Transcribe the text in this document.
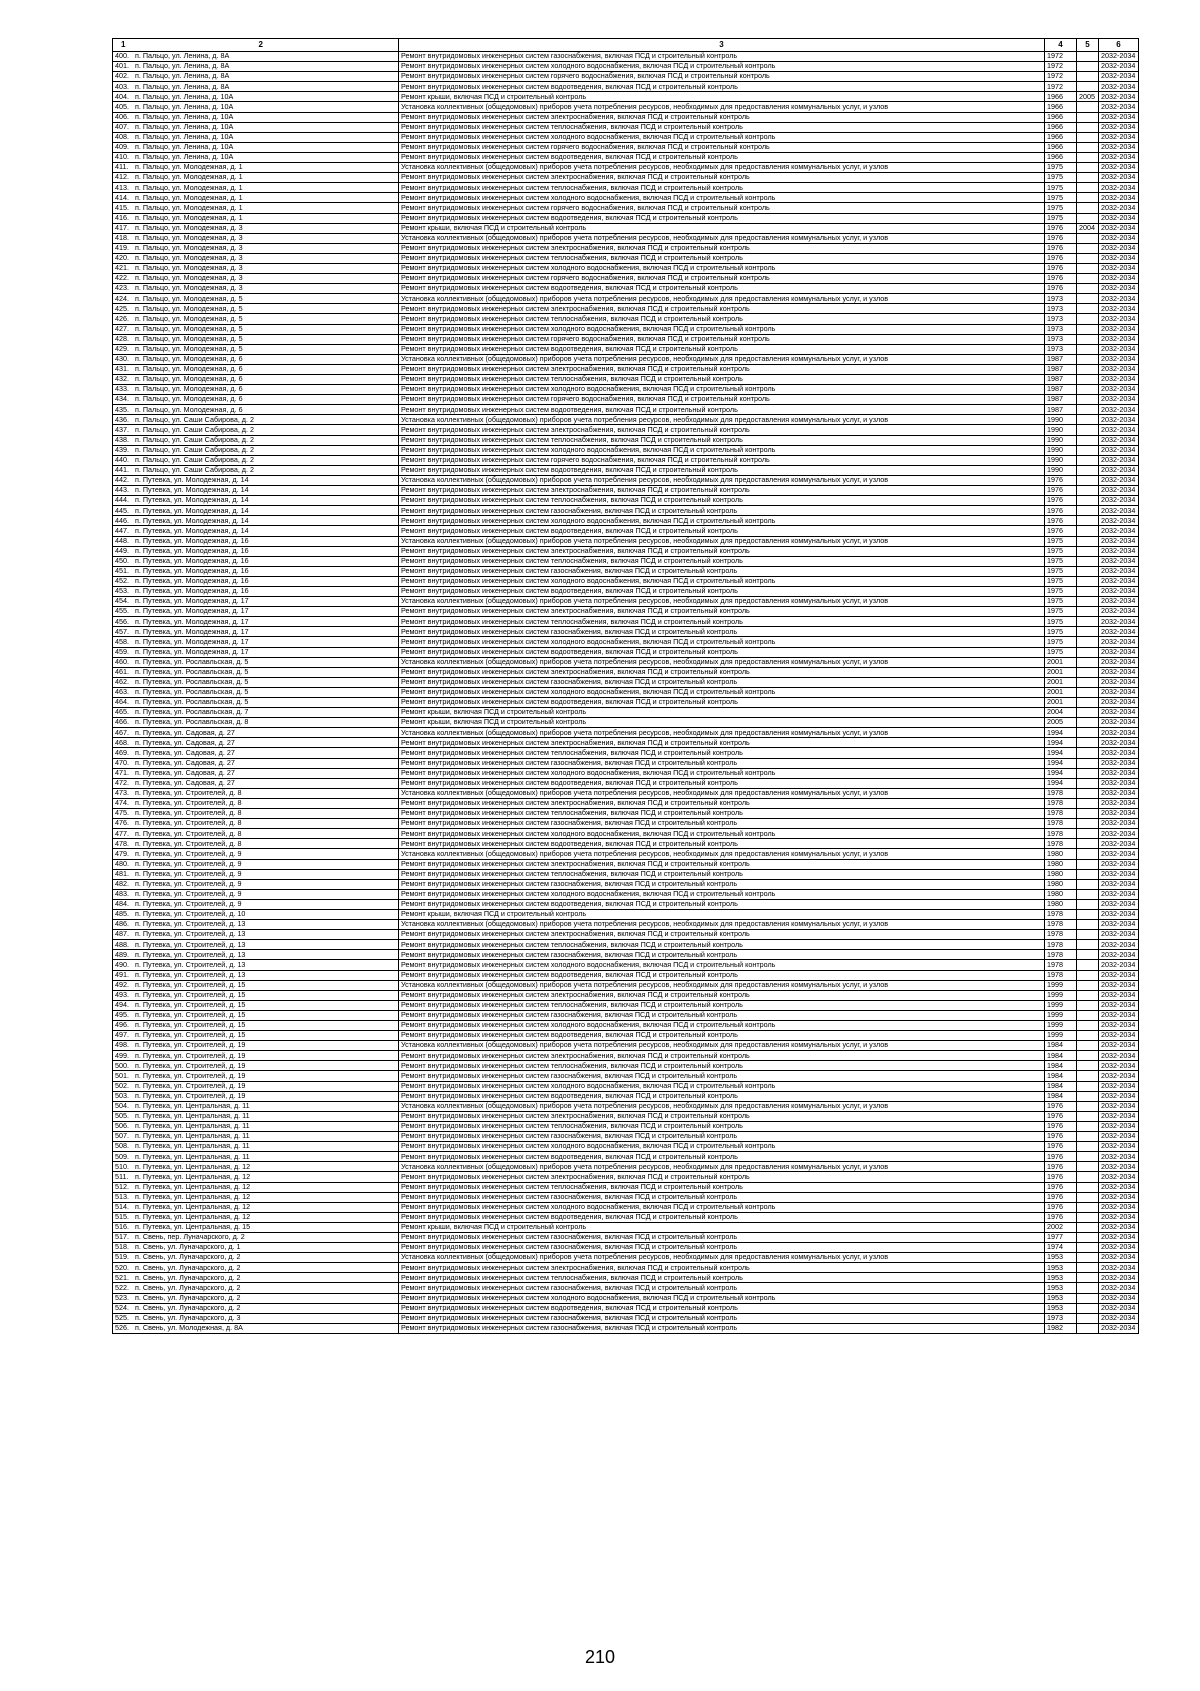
1 2	3	4	5	6	
400. п. Пальцо, ул. Ленина, д. 8А	Ремонт внутридомовых инженерных систем газоснабжения, включая ПСД и строительный контроль	1972		2032-2034	
401. п. Пальцо, ул. Ленина, д. 8А	Ремонт внутридомовых инженерных систем холодного водоснабжения, включая ПСД и строительный контроль	1972		2032-2034	
402. п. Пальцо, ул. Ленина, д. 8А	Ремонт внутридомовых инженерных систем горячего водоснабжения, включая ПСД и строительный контроль	1972		2032-2034	
403. п. Пальцо, ул. Ленина, д. 8А	Ремонт внутридомовых инженерных систем водоотведения, включая ПСД и строительный контроль	1972		2032-2034	
404. п. Пальцо, ул. Ленина, д. 10А	Ремонт крыши, включая ПСД и строительный контроль	1966	2005	2032-2034	
405. п. Пальцо, ул. Ленина, д. 10А	Установка коллективных (общедомовых) приборов учета потребления ресурсов, необходимых для предоставления коммунальных услуг, и узлов	1966		2032-2034	
406. п. Пальцо, ул. Ленина, д. 10А	Ремонт внутридомовых инженерных систем электроснабжения, включая ПСД и строительный контроль	1966		2032-2034	
407. п. Пальцо, ул. Ленина, д. 10А	Ремонт внутридомовых инженерных систем теплоснабжения, включая ПСД и строительный контроль	1966		2032-2034	
408. п. Пальцо, ул. Ленина, д. 10А	Ремонт внутридомовых инженерных систем холодного водоснабжения, включая ПСД и строительный контроль	1966		2032-2034	
409. п. Пальцо, ул. Ленина, д. 10А	Ремонт внутридомовых инженерных систем горячего водоснабжения, включая ПСД и строительный контроль	1966		2032-2034	
410. п. Пальцо, ул. Ленина, д. 10А	Ремонт внутридомовых инженерных систем водоотведения, включая ПСД и строительный контроль	1966		2032-2034	
411. п. Пальцо, ул. Молодежная, д. 1	Установка коллективных (общедомовых) приборов учета потребления ресурсов, необходимых для предоставления коммунальных услуг, и узлов	1975		2032-2034	
412. п. Пальцо, ул. Молодежная, д. 1	Ремонт внутридомовых инженерных систем электроснабжения, включая ПСД и строительный контроль	1975		2032-2034	
413. п. Пальцо, ул. Молодежная, д. 1	Ремонт внутридомовых инженерных систем теплоснабжения, включая ПСД и строительный контроль	1975		2032-2034	
414. п. Пальцо, ул. Молодежная, д. 1	Ремонт внутридомовых инженерных систем холодного водоснабжения, включая ПСД и строительный контроль	1975		2032-2034	
415. п. Пальцо, ул. Молодежная, д. 1	Ремонт внутридомовых инженерных систем горячего водоснабжения, включая ПСД и строительный контроль	1975		2032-2034	
416. п. Пальцо, ул. Молодежная, д. 1	Ремонт внутридомовых инженерных систем водоотведения, включая ПСД и строительный контроль	1975		2032-2034	
417. п. Пальцо, ул. Молодежная, д. 3	Ремонт крыши, включая ПСД и строительный контроль	1976	2004	2032-2034	
418. п. Пальцо, ул. Молодежная, д. 3	Установка коллективных (общедомовых) приборов учета потребления ресурсов, необходимых для предоставления коммунальных услуг, и узлов	1976		2032-2034	
419. п. Пальцо, ул. Молодежная, д. 3	Ремонт внутридомовых инженерных систем электроснабжения, включая ПСД и строительный контроль	1976		2032-2034	
420. п. Пальцо, ул. Молодежная, д. 3	Ремонт внутридомовых инженерных систем теплоснабжения, включая ПСД и строительный контроль	1976		2032-2034	
421. п. Пальцо, ул. Молодежная, д. 3	Ремонт внутридомовых инженерных систем холодного водоснабжения, включая ПСД и строительный контроль	1976		2032-2034	
422. п. Пальцо, ул. Молодежная, д. 3	Ремонт внутридомовых инженерных систем горячего водоснабжения, включая ПСД и строительный контроль	1976		2032-2034	
423. п. Пальцо, ул. Молодежная, д. 3	Ремонт внутридомовых инженерных систем водоотведения, включая ПСД и строительный контроль	1976		2032-2034	
424. п. Пальцо, ул. Молодежная, д. 5	Установка коллективных (общедомовых) приборов учета потребления ресурсов, необходимых для предоставления коммунальных услуг, и узлов	1973		2032-2034	
425. п. Пальцо, ул. Молодежная, д. 5	Ремонт внутридомовых инженерных систем электроснабжения, включая ПСД и строительный контроль	1973		2032-2034	
426. п. Пальцо, ул. Молодежная, д. 5	Ремонт внутридомовых инженерных систем теплоснабжения, включая ПСД и строительный контроль	1973		2032-2034	
427. п. Пальцо, ул. Молодежная, д. 5	Ремонт внутридомовых инженерных систем холодного водоснабжения, включая ПСД и строительный контроль	1973		2032-2034	
428. п. Пальцо, ул. Молодежная, д. 5	Ремонт внутридомовых инженерных систем горячего водоснабжения, включая ПСД и строительный контроль	1973		2032-2034	
429. п. Пальцо, ул. Молодежная, д. 5	Ремонт внутридомовых инженерных систем водоотведения, включая ПСД и строительный контроль	1973		2032-2034	
430. п. Пальцо, ул. Молодежная, д. 6	Установка коллективных (общедомовых) приборов учета потребления ресурсов, необходимых для предоставления коммунальных услуг, и узлов	1987		2032-2034	
431. п. Пальцо, ул. Молодежная, д. 6	Ремонт внутридомовых инженерных систем электроснабжения, включая ПСД и строительный контроль	1987		2032-2034	
432. п. Пальцо, ул. Молодежная, д. 6	Ремонт внутридомовых инженерных систем теплоснабжения, включая ПСД и строительный контроль	1987		2032-2034	
433. п. Пальцо, ул. Молодежная, д. 6	Ремонт внутридомовых инженерных систем холодного водоснабжения, включая ПСД и строительный контроль	1987		2032-2034	
434. п. Пальцо, ул. Молодежная, д. 6	Ремонт внутридомовых инженерных систем горячего водоснабжения, включая ПСД и строительный контроль	1987		2032-2034	
435. п. Пальцо, ул. Молодежная, д. 6	Ремонт внутридомовых инженерных систем водоотведения, включая ПСД и строительный контроль	1987		2032-2034	
436. п. Пальцо, ул. Саши Сабирова, д. 2	Установка коллективных (общедомовых) приборов учета потребления ресурсов, необходимых для предоставления коммунальных услуг, и узлов	1990		2032-2034	
437. п. Пальцо, ул. Саши Сабирова, д. 2	Ремонт внутридомовых инженерных систем электроснабжения, включая ПСД и строительный контроль	1990		2032-2034	
438. п. Пальцо, ул. Саши Сабирова, д. 2	Ремонт внутридомовых инженерных систем теплоснабжения, включая ПСД и строительный контроль	1990		2032-2034	
439. п. Пальцо, ул. Саши Сабирова, д. 2	Ремонт внутридомовых инженерных систем холодного водоснабжения, включая ПСД и строительный контроль	1990		2032-2034	
440. п. Пальцо, ул. Саши Сабирова, д. 2	Ремонт внутридомовых инженерных систем горячего водоснабжения, включая ПСД и строительный контроль	1990		2032-2034	
441. п. Пальцо, ул. Саши Сабирова, д. 2	Ремонт внутридомовых инженерных систем водоотведения, включая ПСД и строительный контроль	1990		2032-2034	
442. п. Путевка, ул. Молодежная, д. 14	Установка коллективных (общедомовых) приборов учета потребления ресурсов, необходимых для предоставления коммунальных услуг, и узлов	1976		2032-2034	
443. п. Путевка, ул. Молодежная, д. 14	Ремонт внутридомовых инженерных систем электроснабжения, включая ПСД и строительный контроль	1976		2032-2034	
444. п. Путевка, ул. Молодежная, д. 14	Ремонт внутридомовых инженерных систем теплоснабжения, включая ПСД и строительный контроль	1976		2032-2034	
445. п. Путевка, ул. Молодежная, д. 14	Ремонт внутридомовых инженерных систем газоснабжения, включая ПСД и строительный контроль	1976		2032-2034	
446. п. Путевка, ул. Молодежная, д. 14	Ремонт внутридомовых инженерных систем холодного водоснабжения, включая ПСД и строительный контроль	1976		2032-2034	
447. п. Путевка, ул. Молодежная, д. 14	Ремонт внутридомовых инженерных систем водоотведения, включая ПСД и строительный контроль	1976		2032-2034	
448. п. Путевка, ул. Молодежная, д. 16	Установка коллективных (общедомовых) приборов учета потребления ресурсов, необходимых для предоставления коммунальных услуг, и узлов	1975		2032-2034	
449. п. Путевка, ул. Молодежная, д. 16	Ремонт внутридомовых инженерных систем электроснабжения, включая ПСД и строительный контроль	1975		2032-2034	
450. п. Путевка, ул. Молодежная, д. 16	Ремонт внутридомовых инженерных систем теплоснабжения, включая ПСД и строительный контроль	1975		2032-2034	
451. п. Путевка, ул. Молодежная, д. 16	Ремонт внутридомовых инженерных систем газоснабжения, включая ПСД и строительный контроль	1975		2032-2034	
452. п. Путевка, ул. Молодежная, д. 16	Ремонт внутридомовых инженерных систем холодного водоснабжения, включая ПСД и строительный контроль	1975		2032-2034	
453. п. Путевка, ул. Молодежная, д. 16	Ремонт внутридомовых инженерных систем водоотведения, включая ПСД и строительный контроль	1975		2032-2034	
454. п. Путевка, ул. Молодежная, д. 17	Установка коллективных (общедомовых) приборов учета потребления ресурсов, необходимых для предоставления коммунальных услуг, и узлов	1975		2032-2034	
455. п. Путевка, ул. Молодежная, д. 17	Ремонт внутридомовых инженерных систем электроснабжения, включая ПСД и строительный контроль	1975		2032-2034	
456. п. Путевка, ул. Молодежная, д. 17	Ремонт внутридомовых инженерных систем теплоснабжения, включая ПСД и строительный контроль	1975		2032-2034	
457. п. Путевка, ул. Молодежная, д. 17	Ремонт внутридомовых инженерных систем газоснабжения, включая ПСД и строительный контроль	1975		2032-2034	
458. п. Путевка, ул. Молодежная, д. 17	Ремонт внутридомовых инженерных систем холодного водоснабжения, включая ПСД и строительный контроль	1975		2032-2034	
459. п. Путевка, ул. Молодежная, д. 17	Ремонт внутридомовых инженерных систем водоотведения, включая ПСД и строительный контроль	1975		2032-2034	
460. п. Путевка, ул. Рославльская, д. 5	Установка коллективных (общедомовых) приборов учета потребления ресурсов, необходимых для предоставления коммунальных услуг, и узлов	2001		2032-2034	
461. п. Путевка, ул. Рославльская, д. 5	Ремонт внутридомовых инженерных систем электроснабжения, включая ПСД и строительный контроль	2001		2032-2034	
462. п. Путевка, ул. Рославльская, д. 5	Ремонт внутридомовых инженерных систем газоснабжения, включая ПСД и строительный контроль	2001		2032-2034	
463. п. Путевка, ул. Рославльская, д. 5	Ремонт внутридомовых инженерных систем холодного водоснабжения, включая ПСД и строительный контроль	2001		2032-2034	
464. п. Путевка, ул. Рославльская, д. 5	Ремонт внутридомовых инженерных систем водоотведения, включая ПСД и строительный контроль	2001		2032-2034	
465. п. Путевка, ул. Рославльская, д. 7	Ремонт крыши, включая ПСД и строительный контроль	2004		2032-2034	
466. п. Путевка, ул. Рославльская, д. 8	Ремонт крыши, включая ПСД и строительный контроль	2005		2032-2034	
467. п. Путевка, ул. Садовая, д. 27	Установка коллективных (общедомовых) приборов учета потребления ресурсов, необходимых для предоставления коммунальных услуг, и узлов	1994		2032-2034	
468. п. Путевка, ул. Садовая, д. 27	Ремонт внутридомовых инженерных систем электроснабжения, включая ПСД и строительный контроль	1994		2032-2034	
469. п. Путевка, ул. Садовая, д. 27	Ремонт внутридомовых инженерных систем теплоснабжения, включая ПСД и строительный контроль	1994		2032-2034	
470. п. Путевка, ул. Садовая, д. 27	Ремонт внутридомовых инженерных систем газоснабжения, включая ПСД и строительный контроль	1994		2032-2034	
471. п. Путевка, ул. Садовая, д. 27	Ремонт внутридомовых инженерных систем холодного водоснабжения, включая ПСД и строительный контроль	1994		2032-2034	
472. п. Путевка, ул. Садовая, д. 27	Ремонт внутридомовых инженерных систем водоотведения, включая ПСД и строительный контроль	1994		2032-2034	
473. п. Путевка, ул. Строителей, д. 8	Установка коллективных (общедомовых) приборов учета потребления ресурсов, необходимых для предоставления коммунальных услуг, и узлов	1978		2032-2034	
474. п. Путевка, ул. Строителей, д. 8	Ремонт внутридомовых инженерных систем электроснабжения, включая ПСД и строительный контроль	1978		2032-2034	
475. п. Путевка, ул. Строителей, д. 8	Ремонт внутридомовых инженерных систем теплоснабжения, включая ПСД и строительный контроль	1978		2032-2034	
476. п. Путевка, ул. Строителей, д. 8	Ремонт внутридомовых инженерных систем газоснабжения, включая ПСД и строительный контроль	1978		2032-2034	
477. п. Путевка, ул. Строителей, д. 8	Ремонт внутридомовых инженерных систем холодного водоснабжения, включая ПСД и строительный контроль	1978		2032-2034	
478. п. Путевка, ул. Строителей, д. 8	Ремонт внутридомовых инженерных систем водоотведения, включая ПСД и строительный контроль	1978		2032-2034	
479. п. Путевка, ул. Строителей, д. 9	Установка коллективных (общедомовых) приборов учета потребления ресурсов, необходимых для предоставления коммунальных услуг, и узлов	1980		2032-2034	
480. п. Путевка, ул. Строителей, д. 9	Ремонт внутридомовых инженерных систем электроснабжения, включая ПСД и строительный контроль	1980		2032-2034	
481. п. Путевка, ул. Строителей, д. 9	Ремонт внутридомовых инженерных систем теплоснабжения, включая ПСД и строительный контроль	1980		2032-2034	
482. п. Путевка, ул. Строителей, д. 9	Ремонт внутридомовых инженерных систем газоснабжения, включая ПСД и строительный контроль	1980		2032-2034	
483. п. Путевка, ул. Строителей, д. 9	Ремонт внутридомовых инженерных систем холодного водоснабжения, включая ПСД и строительный контроль	1980		2032-2034	
484. п. Путевка, ул. Строителей, д. 9	Ремонт внутридомовых инженерных систем водоотведения, включая ПСД и строительный контроль	1980		2032-2034	
485. п. Путевка, ул. Строителей, д. 10	Ремонт крыши, включая ПСД и строительный контроль	1978		2032-2034	
486. п. Путевка, ул. Строителей, д. 13	Установка коллективных (общедомовых) приборов учета потребления ресурсов, необходимых для предоставления коммунальных услуг, и узлов	1978		2032-2034	
487. п. Путевка, ул. Строителей, д. 13	Ремонт внутридомовых инженерных систем электроснабжения, включая ПСД и строительный контроль	1978		2032-2034	
488. п. Путевка, ул. Строителей, д. 13	Ремонт внутридомовых инженерных систем теплоснабжения, включая ПСД и строительный контроль	1978		2032-2034	
489. п. Путевка, ул. Строителей, д. 13	Ремонт внутридомовых инженерных систем газоснабжения, включая ПСД и строительный контроль	1978		2032-2034	
490. п. Путевка, ул. Строителей, д. 13	Ремонт внутридомовых инженерных систем холодного водоснабжения, включая ПСД и строительный контроль	1978		2032-2034	
491. п. Путевка, ул. Строителей, д. 13	Ремонт внутридомовых инженерных систем водоотведения, включая ПСД и строительный контроль	1978		2032-2034	
492. п. Путевка, ул. Строителей, д. 15	Установка коллективных (общедомовых) приборов учета потребления ресурсов, необходимых для предоставления коммунальных услуг, и узлов	1999		2032-2034	
493. п. Путевка, ул. Строителей, д. 15	Ремонт внутридомовых инженерных систем электроснабжения, включая ПСД и строительный контроль	1999		2032-2034	
494. п. Путевка, ул. Строителей, д. 15	Ремонт внутридомовых инженерных систем теплоснабжения, включая ПСД и строительный контроль	1999		2032-2034	
495. п. Путевка, ул. Строителей, д. 15	Ремонт внутридомовых инженерных систем газоснабжения, включая ПСД и строительный контроль	1999		2032-2034	
496. п. Путевка, ул. Строителей, д. 15	Ремонт внутридомовых инженерных систем холодного водоснабжения, включая ПСД и строительный контроль	1999		2032-2034	
497. п. Путевка, ул. Строителей, д. 15	Ремонт внутридомовых инженерных систем водоотведения, включая ПСД и строительный контроль	1999		2032-2034	
498. п. Путевка, ул. Строителей, д. 19	Установка коллективных (общедомовых) приборов учета потребления ресурсов, необходимых для предоставления коммунальных услуг, и узлов	1984		2032-2034	
499. п. Путевка, ул. Строителей, д. 19	Ремонт внутридомовых инженерных систем электроснабжения, включая ПСД и строительный контроль	1984		2032-2034	
500. п. Путевка, ул. Строителей, д. 19	Ремонт внутридомовых инженерных систем теплоснабжения, включая ПСД и строительный контроль	1984		2032-2034	
501. п. Путевка, ул. Строителей, д. 19	Ремонт внутридомовых инженерных систем газоснабжения, включая ПСД и строительный контроль	1984		2032-2034	
502. п. Путевка, ул. Строителей, д. 19	Ремонт внутридомовых инженерных систем холодного водоснабжения, включая ПСД и строительный контроль	1984		2032-2034	
503. п. Путевка, ул. Строителей, д. 19	Ремонт внутридомовых инженерных систем водоотведения, включая ПСД и строительный контроль	1984		2032-2034	
504. п. Путевка, ул. Центральная, д. 11	Установка коллективных (общедомовых) приборов учета потребления ресурсов, необходимых для предоставления коммунальных услуг, и узлов	1976		2032-2034	
505. п. Путевка, ул. Центральная, д. 11	Ремонт внутридомовых инженерных систем электроснабжения, включая ПСД и строительный контроль	1976		2032-2034	
506. п. Путевка, ул. Центральная, д. 11	Ремонт внутридомовых инженерных систем теплоснабжения, включая ПСД и строительный контроль	1976		2032-2034	
507. п. Путевка, ул. Центральная, д. 11	Ремонт внутридомовых инженерных систем газоснабжения, включая ПСД и строительный контроль	1976		2032-2034	
508. п. Путевка, ул. Центральная, д. 11	Ремонт внутридомовых инженерных систем холодного водоснабжения, включая ПСД и строительный контроль	1976		2032-2034	
509. п. Путевка, ул. Центральная, д. 11	Ремонт внутридомовых инженерных систем водоотведения, включая ПСД и строительный контроль	1976		2032-2034	
510. п. Путевка, ул. Центральная, д. 12	Установка коллективных (общедомовых) приборов учета потребления ресурсов, необходимых для предоставления коммунальных услуг, и узлов	1976		2032-2034	
511. п. Путевка, ул. Центральная, д. 12	Ремонт внутридомовых инженерных систем электроснабжения, включая ПСД и строительный контроль	1976		2032-2034	
512. п. Путевка, ул. Центральная, д. 12	Ремонт внутридомовых инженерных систем теплоснабжения, включая ПСД и строительный контроль	1976		2032-2034	
513. п. Путевка, ул. Центральная, д. 12	Ремонт внутридомовых инженерных систем газоснабжения, включая ПСД и строительный контроль	1976		2032-2034	
514. п. Путевка, ул. Центральная, д. 12	Ремонт внутридомовых инженерных систем холодного водоснабжения, включая ПСД и строительный контроль	1976		2032-2034	
515. п. Путевка, ул. Центральная, д. 12	Ремонт внутридомовых инженерных систем водоотведения, включая ПСД и строительный контроль	1976		2032-2034	
516. п. Путевка, ул. Центральная, д. 15	Ремонт крыши, включая ПСД и строительный контроль	2002		2032-2034	
517. п. Свень, пер. Луначарского, д. 2	Ремонт внутридомовых инженерных систем газоснабжения, включая ПСД и строительный контроль	1977		2032-2034	
518. п. Свень, ул. Луначарского, д. 1	Ремонт внутридомовых инженерных систем газоснабжения, включая ПСД и строительный контроль	1974		2032-2034	
519. п. Свень, ул. Луначарского, д. 2	Установка коллективных (общедомовых) приборов учета потребления ресурсов, необходимых для предоставления коммунальных услуг, и узлов	1953		2032-2034	
520. п. Свень, ул. Луначарского, д. 2	Ремонт внутридомовых инженерных систем электроснабжения, включая ПСД и строительный контроль	1953		2032-2034	
521. п. Свень, ул. Луначарского, д. 2	Ремонт внутридомовых инженерных систем теплоснабжения, включая ПСД и строительный контроль	1953		2032-2034	
522. п. Свень, ул. Луначарского, д. 2	Ремонт внутридомовых инженерных систем газоснабжения, включая ПСД и строительный контроль	1953		2032-2034	
523. п. Свень, ул. Луначарского, д. 2	Ремонт внутридомовых инженерных систем холодного водоснабжения, включая ПСД и строительный контроль	1953		2032-2034	
524. п. Свень, ул. Луначарского, д. 2	Ремонт внутридомовых инженерных систем водоотведения, включая ПСД и строительный контроль	1953		2032-2034	
525. п. Свень, ул. Луначарского, д. 3	Ремонт внутридомовых инженерных систем газоснабжения, включая ПСД и строительный контроль	1973		2032-2034	
526. п. Свень, ул. Молодежная, д. 8А	Ремонт внутридомовых инженерных систем газоснабжения, включая ПСД и строительный контроль	1982		2032-2034	
210
